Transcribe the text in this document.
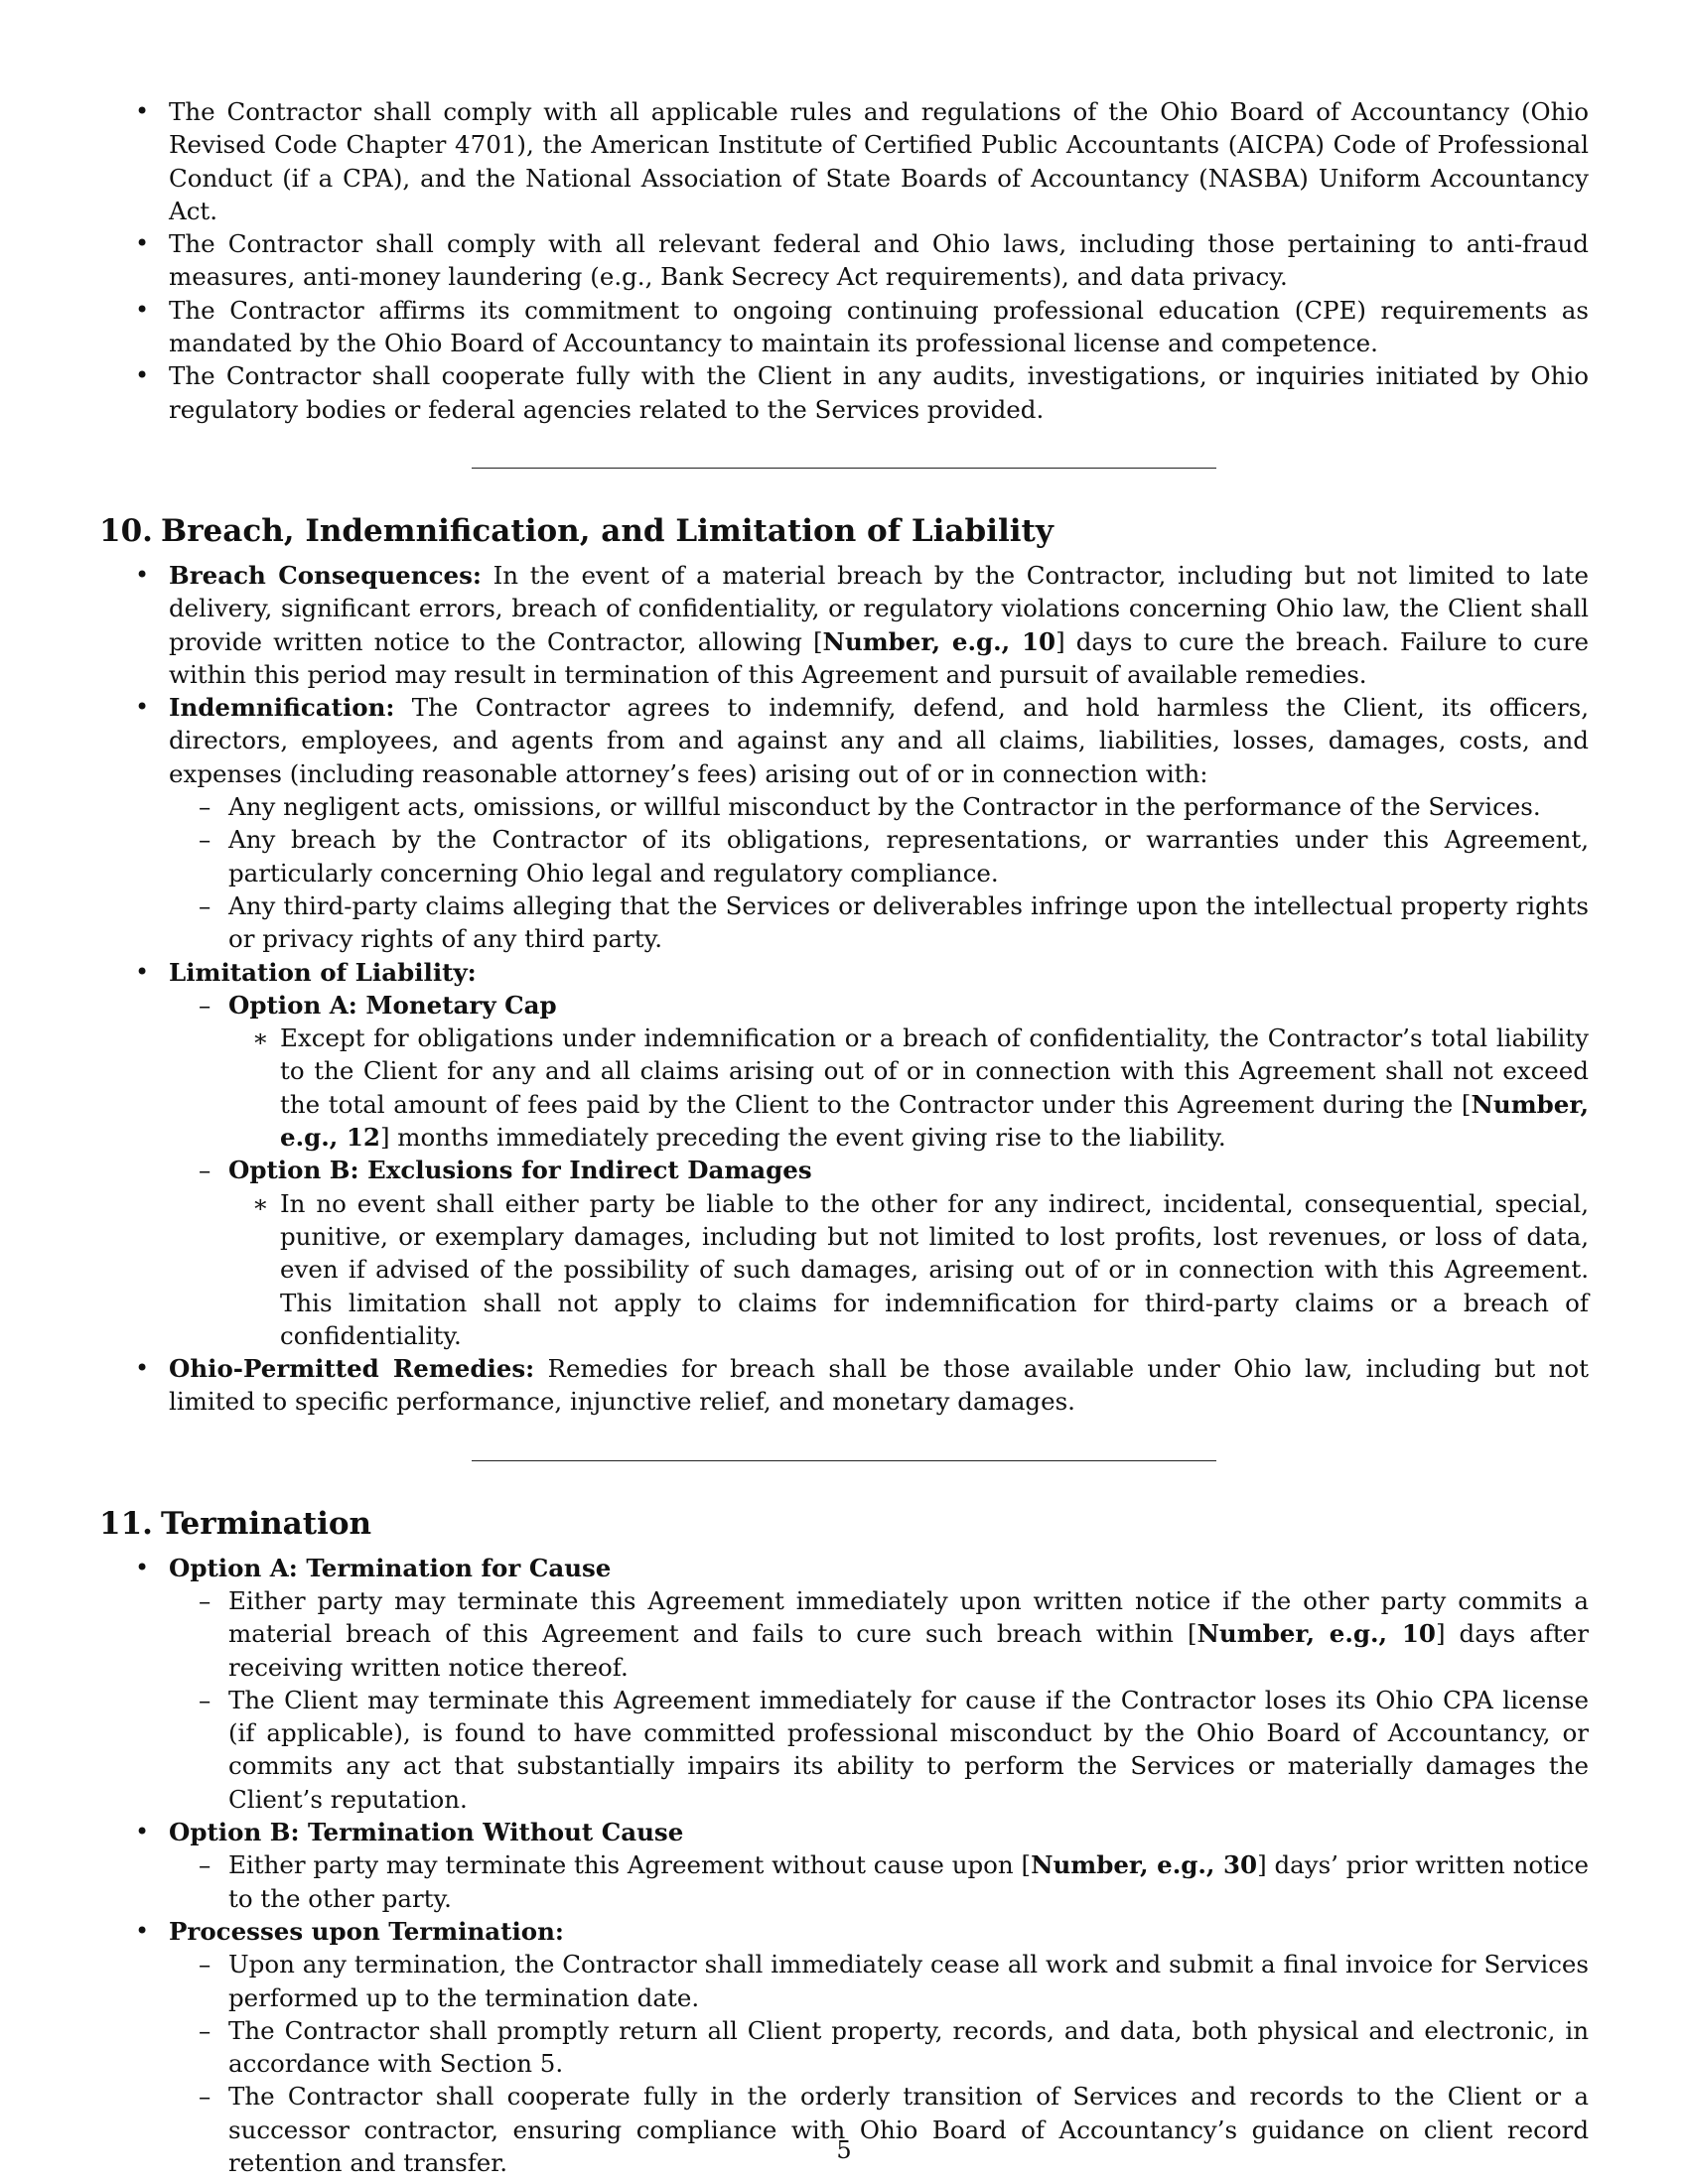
• The Contractor shall comply with all applicable rules and regulations of the Ohio Board of Accountancy (Ohio Revised Code Chapter 4701), the American Institute of Certified Public Accountants (AICPA) Code of Professional Conduct (if a CPA), and the National Association of State Boards of Accountancy (NASBA) Uniform Accountancy Act.
• The Contractor shall comply with all relevant federal and Ohio laws, including those pertaining to anti-fraud measures, anti-money laundering (e.g., Bank Secrecy Act requirements), and data privacy.
• The Contractor affirms its commitment to ongoing continuing professional education (CPE) requirements as mandated by the Ohio Board of Accountancy to maintain its professional license and competence.
• The Contractor shall cooperate fully with the Client in any audits, investigations, or inquiries initiated by Ohio regulatory bodies or federal agencies related to the Services provided.
10. Breach, Indemnification, and Limitation of Liability
• Breach Consequences: In the event of a material breach by the Contractor, including but not limited to late delivery, significant errors, breach of confidentiality, or regulatory violations concerning Ohio law, the Client shall provide written notice to the Contractor, allowing [Number, e.g., 10] days to cure the breach. Failure to cure within this period may result in termination of this Agreement and pursuit of available remedies.
• Indemnification: The Contractor agrees to indemnify, defend, and hold harmless the Client, its officers, directors, employees, and agents from and against any and all claims, liabilities, losses, damages, costs, and expenses (including reasonable attorney’s fees) arising out of or in connection with:
– Any negligent acts, omissions, or willful misconduct by the Contractor in the performance of the Services.
– Any breach by the Contractor of its obligations, representations, or warranties under this Agreement, particularly concerning Ohio legal and regulatory compliance.
– Any third-party claims alleging that the Services or deliverables infringe upon the intellectual property rights or privacy rights of any third party.
• Limitation of Liability:
– Option A: Monetary Cap
∗ Except for obligations under indemnification or a breach of confidentiality, the Contractor’s total liability to the Client for any and all claims arising out of or in connection with this Agreement shall not exceed the total amount of fees paid by the Client to the Contractor under this Agreement during the [Number, e.g., 12] months immediately preceding the event giving rise to the liability.
– Option B: Exclusions for Indirect Damages
∗ In no event shall either party be liable to the other for any indirect, incidental, consequential, special, punitive, or exemplary damages, including but not limited to lost profits, lost revenues, or loss of data, even if advised of the possibility of such damages, arising out of or in connection with this Agreement. This limitation shall not apply to claims for indemnification for third-party claims or a breach of confidentiality.
• Ohio-Permitted Remedies: Remedies for breach shall be those available under Ohio law, including but not limited to specific performance, injunctive relief, and monetary damages.
11. Termination
• Option A: Termination for Cause
– Either party may terminate this Agreement immediately upon written notice if the other party commits a material breach of this Agreement and fails to cure such breach within [Number, e.g., 10] days after receiving written notice thereof.
– The Client may terminate this Agreement immediately for cause if the Contractor loses its Ohio CPA license (if applicable), is found to have committed professional misconduct by the Ohio Board of Accountancy, or commits any act that substantially impairs its ability to perform the Services or materially damages the Client’s reputation.
• Option B: Termination Without Cause
– Either party may terminate this Agreement without cause upon [Number, e.g., 30] days’ prior written notice to the other party.
• Processes upon Termination:
– Upon any termination, the Contractor shall immediately cease all work and submit a final invoice for Services performed up to the termination date.
– The Contractor shall promptly return all Client property, records, and data, both physical and electronic, in accordance with Section 5.
– The Contractor shall cooperate fully in the orderly transition of Services and records to the Client or a successor contractor, ensuring compliance with Ohio Board of Accountancy’s guidance on client record retention and transfer.	5
